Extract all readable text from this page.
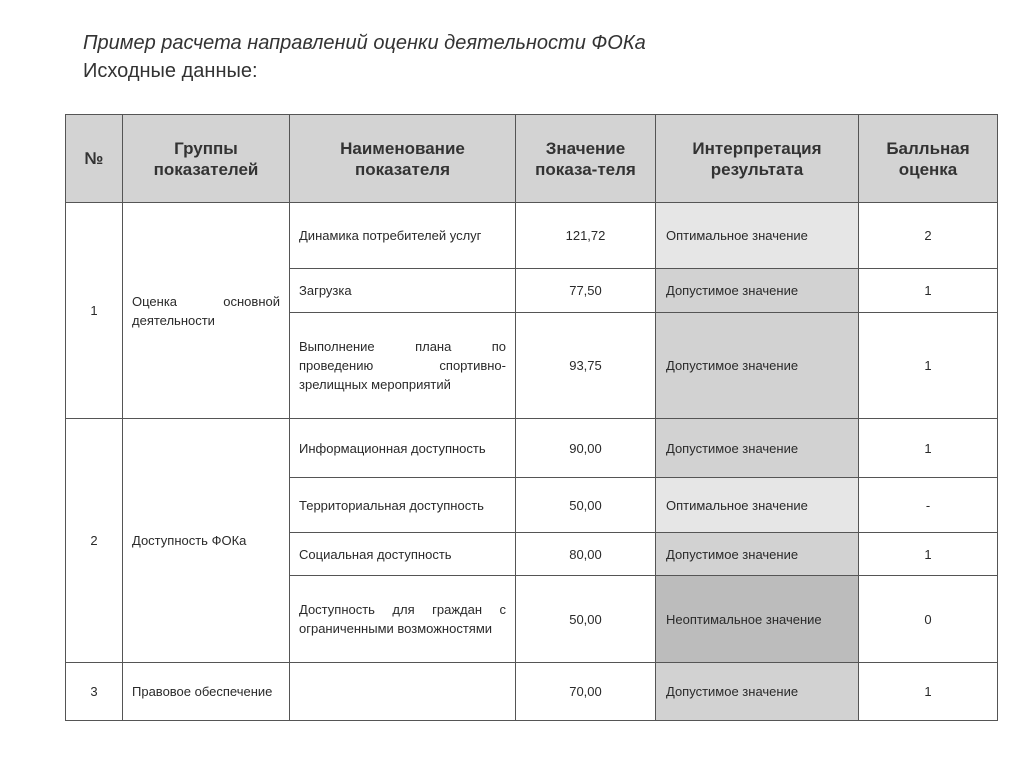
Пример расчета направлений оценки деятельности ФОКа
Исходные данные:
№	Группы показателей	Наименование показателя	Значение показа-теля	Интерпретация результата	Балльная оценка
1	Оценка основной деятельности	Динамика потребителей услуг	121,72	Оптимальное значение	2
		Загрузка	77,50	Допустимое значение	1
		Выполнение плана по проведению спортивно-зрелищных мероприятий	93,75	Допустимое значение	1
2	Доступность ФОКа	Информационная доступность	90,00	Допустимое значение	1
		Территориальная доступность	50,00	Оптимальное значение	-
		Социальная доступность	80,00	Допустимое значение	1
		Доступность для граждан с ограниченными возможностями	50,00	Неоптимальное значение	0
3	Правовое обеспечение		70,00	Допустимое значение	1
